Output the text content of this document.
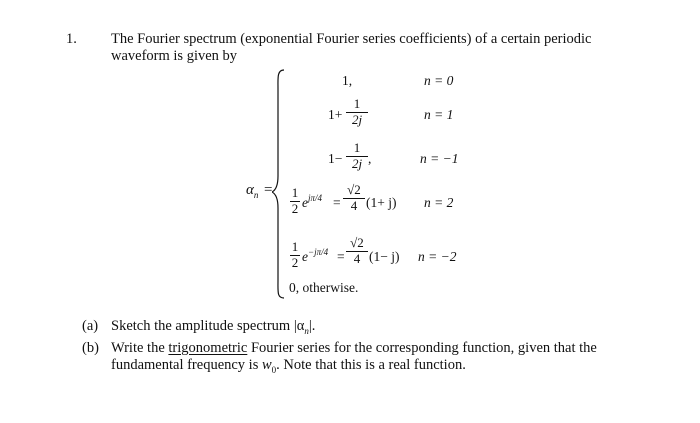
1. The Fourier spectrum (exponential Fourier series coefficients) of a certain periodic
waveform is given by
$\alpha_n$ =
1,	n = 0
1+
1
2j	n = 1
1−
1
2j ,	n = −1
1
2 $e^{j\pi/4}$ =
√2
4 (1+ j) n = 2
1
2 $e^{-j\pi/4}$ =
√2
4 (1− j) n = −2
0, otherwise.
(a) Sketch the amplitude spectrum $|\alpha_n|$.
(b) Write the trigonometric Fourier series for the corresponding function, given that the
fundamental frequency is $w_0$. Note that this is a real function.
